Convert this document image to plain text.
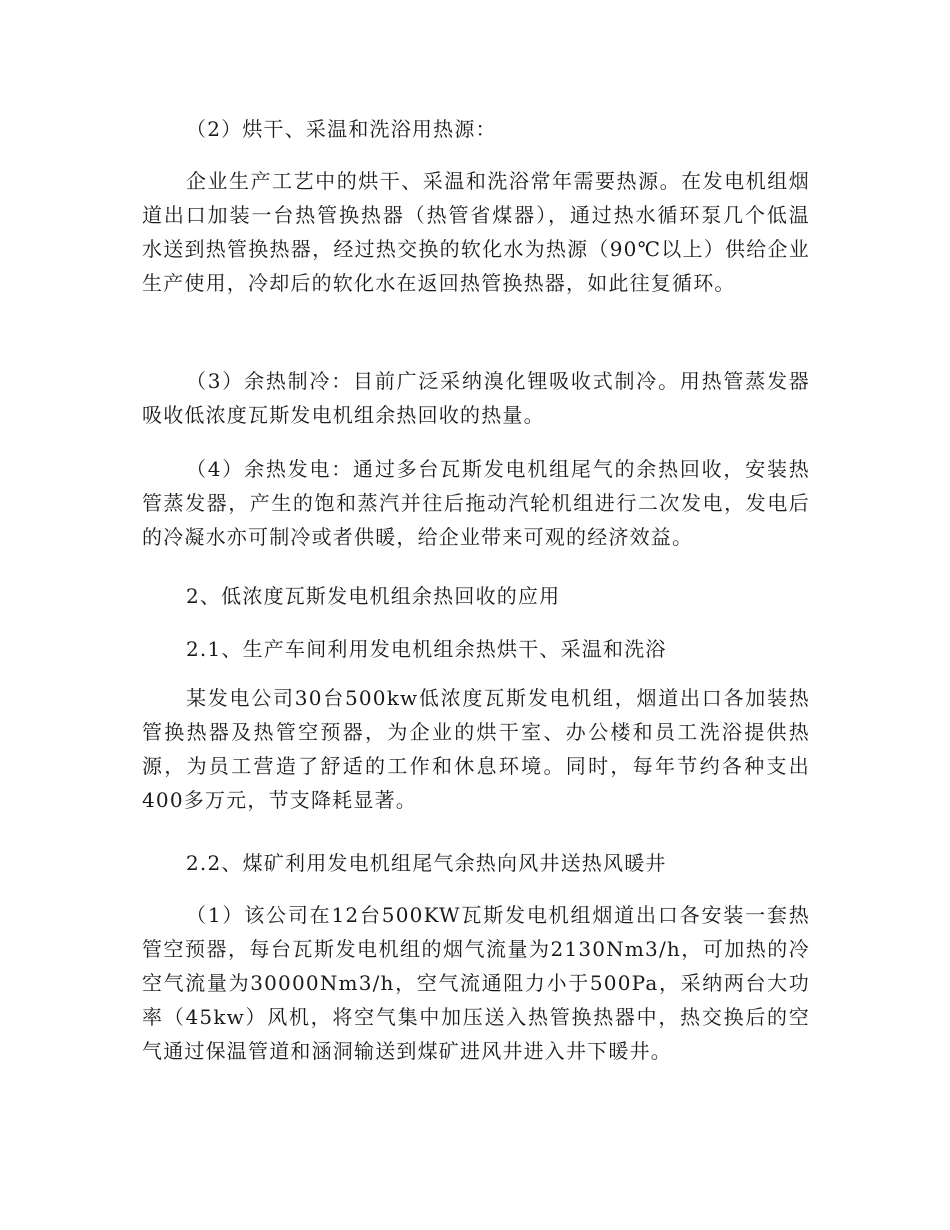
（2）烘干、采温和洗浴用热源：

企业生产工艺中的烘干、采温和洗浴常年需要热源。在发电机组烟道出口加装一台热管换热器（热管省煤器），通过热水循环泵几个低温水送到热管换热器，经过热交换的软化水为热源（90℃以上）供给企业生产使用，冷却后的软化水在返回热管换热器，如此往复循环。

（3）余热制冷：目前广泛采纳溴化锂吸收式制冷。用热管蒸发器吸收低浓度瓦斯发电机组余热回收的热量。

（4）余热发电：通过多台瓦斯发电机组尾气的余热回收，安装热管蒸发器，产生的饱和蒸汽并往后拖动汽轮机组进行二次发电，发电后的冷凝水亦可制冷或者供暖，给企业带来可观的经济效益。

2、低浓度瓦斯发电机组余热回收的应用

2.1、生产车间利用发电机组余热烘干、采温和洗浴

某发电公司30台500kw低浓度瓦斯发电机组，烟道出口各加装热管换热器及热管空预器，为企业的烘干室、办公楼和员工洗浴提供热源，为员工营造了舒适的工作和休息环境。同时，每年节约各种支出400多万元，节支降耗显著。

2.2、煤矿利用发电机组尾气余热向风井送热风暖井

（1）该公司在12台500KW瓦斯发电机组烟道出口各安装一套热管空预器，每台瓦斯发电机组的烟气流量为2130Nm3/h，可加热的冷空气流量为30000Nm3/h，空气流通阻力小于500Pa，采纳两台大功率（45kw）风机，将空气集中加压送入热管换热器中，热交换后的空气通过保温管道和涵洞输送到煤矿进风井进入井下暖井。
